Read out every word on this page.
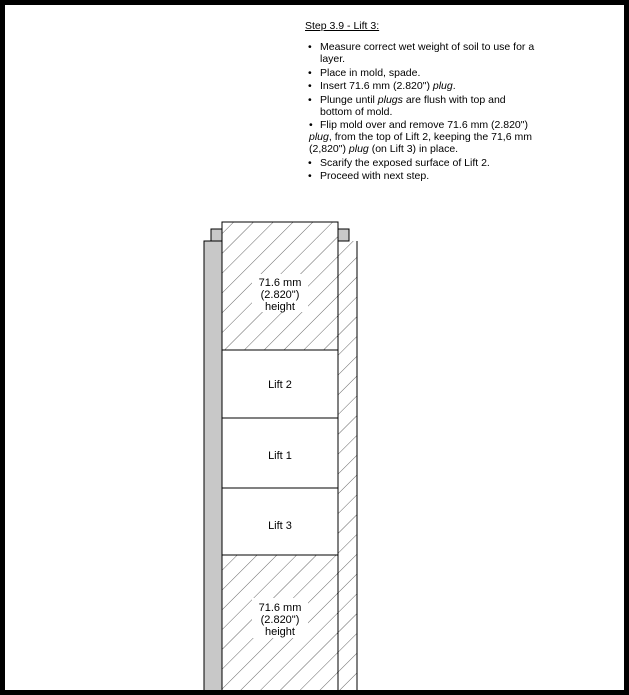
Step 3.9 - Lift 3:
• Measure correct wet weight of soil to use for a layer.
• Place in mold, spade.
• Insert 71.6 mm (2.820") plug.
• Plunge until plugs are flush with top and bottom of mold.
• Flip mold over and remove 71.6 mm (2.820") plug, from the top of Lift 2, keeping the 71,6 mm (2,820") plug (on Lift 3) in place.
• Scarify the exposed surface of Lift 2.
• Proceed with next step.
71.6 mm
(2.820")
height
Lift 2
Lift 1
Lift 3
71.6 mm
(2.820")
height
